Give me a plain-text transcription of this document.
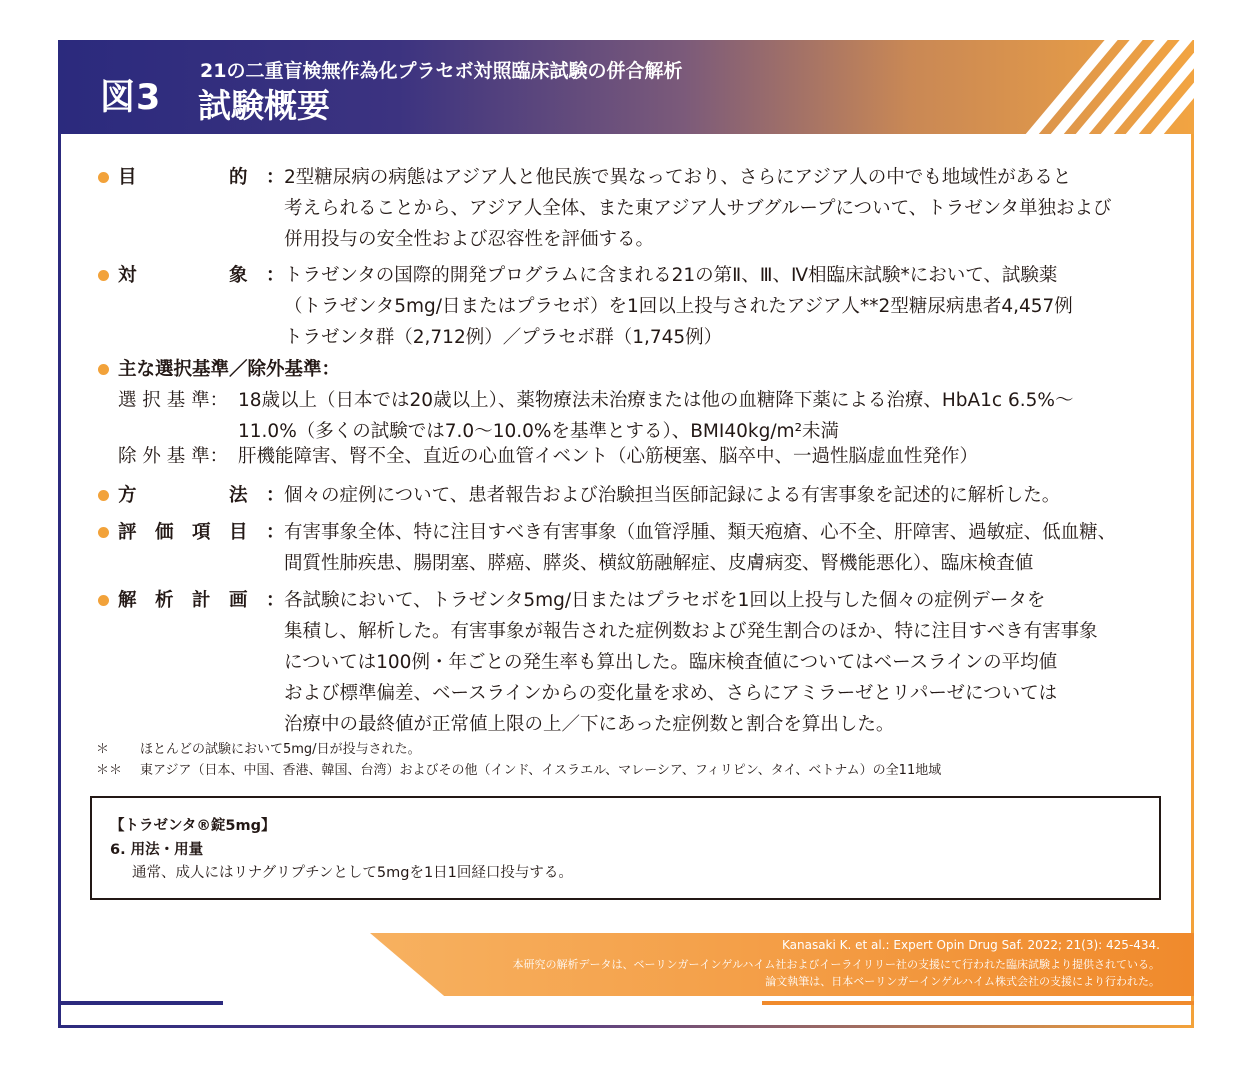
図3
21の二重盲検無作為化プラセボ対照臨床試験の併合解析
試験概要
目　　　　　的 ： 2型糖尿病の病態はアジア人と他民族で異なっており、さらにアジア人の中でも地域性があると
考えられることから、アジア人全体、また東アジア人サブグループについて、トラゼンタ単独および
併用投与の安全性および忍容性を評価する。
対　　　　　象 ： トラゼンタの国際的開発プログラムに含まれる21の第Ⅱ、Ⅲ、Ⅳ相臨床試験*において、試験薬
（トラゼンタ5mg/日またはプラセボ）を1回以上投与されたアジア人**2型糖尿病患者4,457例
トラゼンタ群（2,712例）／プラセボ群（1,745例）
主な選択基準／除外基準：
選 択 基 準： 18歳以上（日本では20歳以上）、薬物療法未治療または他の血糖降下薬による治療、HbA1c 6.5%～
11.0%（多くの試験では7.0～10.0%を基準とする）、BMI40kg/m²未満
除 外 基 準： 肝機能障害、腎不全、直近の心血管イベント（心筋梗塞、脳卒中、一過性脳虚血性発作）
方　　　　　法 ： 個々の症例について、患者報告および治験担当医師記録による有害事象を記述的に解析した。
評　価　項　目 ： 有害事象全体、特に注目すべき有害事象（血管浮腫、類天疱瘡、心不全、肝障害、過敏症、低血糖、
間質性肺疾患、腸閉塞、膵癌、膵炎、横紋筋融解症、皮膚病変、腎機能悪化）、臨床検査値
解　析　計　画 ： 各試験において、トラゼンタ5mg/日またはプラセボを1回以上投与した個々の症例データを
集積し、解析した。有害事象が報告された症例数および発生割合のほか、特に注目すべき有害事象
については100例・年ごとの発生率も算出した。臨床検査値についてはベースラインの平均値
および標準偏差、ベースラインからの変化量を求め、さらにアミラーゼとリパーゼについては
治療中の最終値が正常値上限の上／下にあった症例数と割合を算出した。
＊ ほとんどの試験において5mg/日が投与された。
＊＊ 東アジア（日本、中国、香港、韓国、台湾）およびその他（インド、イスラエル、マレーシア、フィリピン、タイ、ベトナム）の全11地域
【トラゼンタ®錠5mg】
6. 用法・用量
通常、成人にはリナグリプチンとして5mgを1日1回経口投与する。
Kanasaki K. et al.: Expert Opin Drug Saf. 2022; 21(3): 425-434.
本研究の解析データは、ベーリンガーインゲルハイム社およびイーライリリー社の支援にて行われた臨床試験より提供されている。
論文執筆は、日本ベーリンガーインゲルハイム株式会社の支援により行われた。
